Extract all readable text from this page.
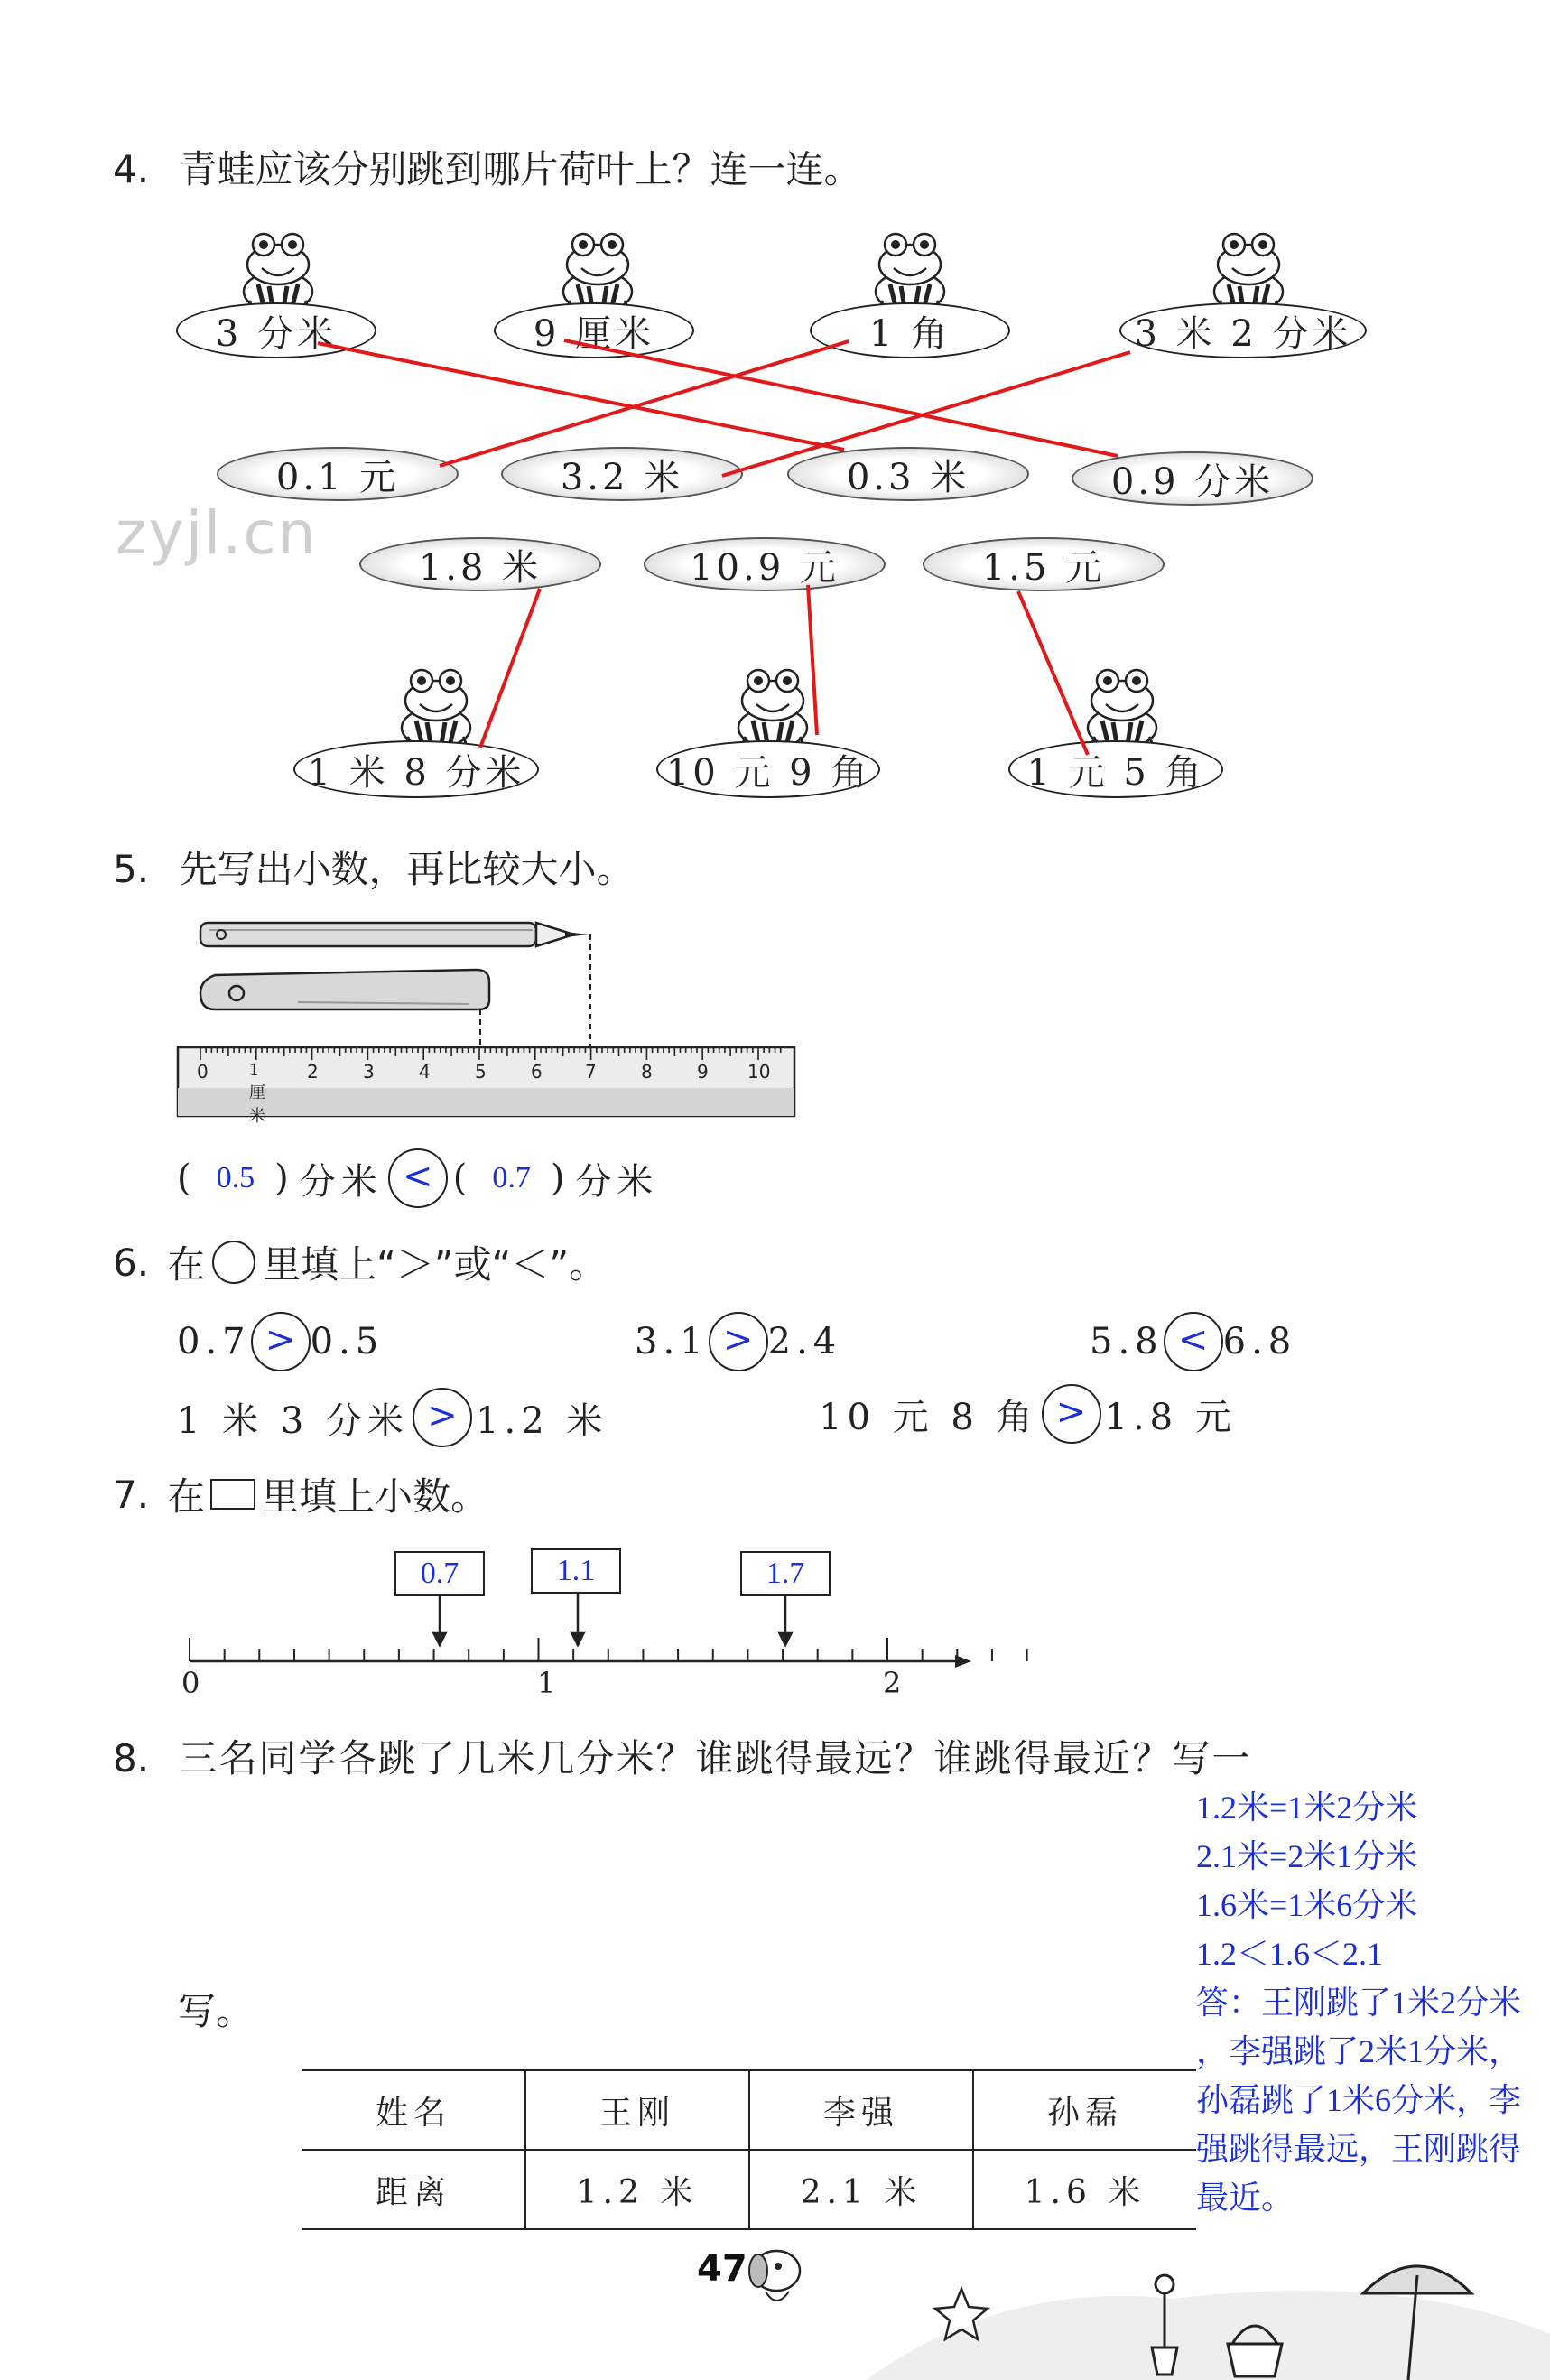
zyjl.cn
4. 青蛙应该分别跳到哪片荷叶上？连一连。
3 分米	9 厘米	1 角	3 米 2 分米
0.1 元	3.2 米	0.3 米	0.9 分米
1.8 米	10.9 元	1.5 元
1 米 8 分米	10 元 9 角	1 元 5 角
5. 先写出小数，再比较大小。
0	1厘米
2 3 4 5 6 7 8 9 10
( 0.5 ) 分米 < ( 0.7 ) 分米
6. 在 里填上“＞”或“＜”。
0.7 > 0.5	3.1 > 2.4	5.8 < 6.8
1 米 3 分米 > 1.2 米	10 元 8 角 > 1.8 元
7. 在 里填上小数。
0.7	1.1	1.7
0	1	2
8. 三名同学各跳了几米几分米？谁跳得最远？谁跳得最近？写一
写。
1.2米=1米2分米
2.1米=2米1分米
1.6米=1米6分米
1.2＜1.6＜2.1
答：王刚跳了1米2分米
，李强跳了2米1分米，
孙磊跳了1米6分米，李
强跳得最远，王刚跳得
最近。
姓名	王刚	李强	孙磊
距离	1.2 米	2.1 米	1.6 米
47
